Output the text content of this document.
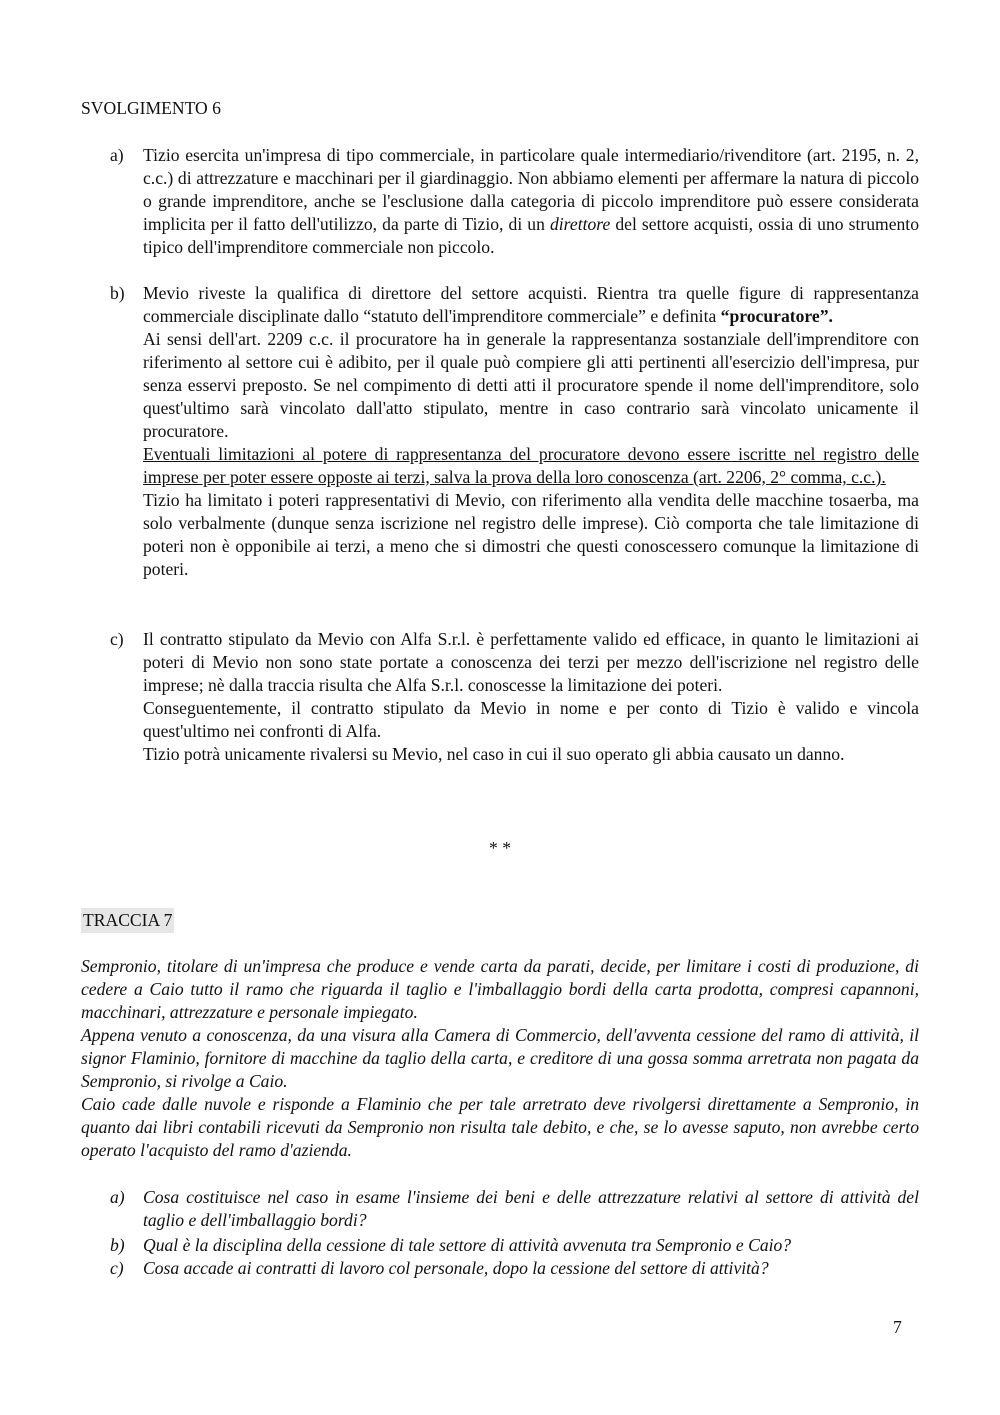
SVOLGIMENTO 6
a) Tizio esercita un'impresa di tipo commerciale, in particolare quale intermediario/rivenditore (art. 2195, n. 2, c.c.) di attrezzature e macchinari per il giardinaggio. Non abbiamo elementi per affermare la natura di piccolo o grande imprenditore, anche se l'esclusione dalla categoria di piccolo imprenditore può essere considerata implicita per il fatto dell'utilizzo, da parte di Tizio, di un direttore del settore acquisti, ossia di uno strumento tipico dell'imprenditore commerciale non piccolo.

b) Mevio riveste la qualifica di direttore del settore acquisti. Rientra tra quelle figure di rappresentanza commerciale disciplinate dallo “statuto dell'imprenditore commerciale” e definita “procuratore”.

Ai sensi dell'art. 2209 c.c. il procuratore ha in generale la rappresentanza sostanziale dell'imprenditore con riferimento al settore cui è adibito, per il quale può compiere gli atti pertinenti all'esercizio dell'impresa, pur senza esservi preposto. Se nel compimento di detti atti il procuratore spende il nome dell'imprenditore, solo quest'ultimo sarà vincolato dall'atto stipulato, mentre in caso contrario sarà vincolato unicamente il procuratore.

Eventuali limitazioni al potere di rappresentanza del procuratore devono essere iscritte nel registro delle imprese per poter essere opposte ai terzi, salva la prova della loro conoscenza (art. 2206, 2° comma, c.c.).

Tizio ha limitato i poteri rappresentativi di Mevio, con riferimento alla vendita delle macchine tosaerba, ma solo verbalmente (dunque senza iscrizione nel registro delle imprese). Ciò comporta che tale limitazione di poteri non è opponibile ai terzi, a meno che si dimostri che questi conoscessero comunque la limitazione di poteri.

c) Il contratto stipulato da Mevio con Alfa S.r.l. è perfettamente valido ed efficace, in quanto le limitazioni ai poteri di Mevio non sono state portate a conoscenza dei terzi per mezzo dell'iscrizione nel registro delle imprese; nè dalla traccia risulta che Alfa S.r.l. conoscesse la limitazione dei poteri.

Conseguentemente, il contratto stipulato da Mevio in nome e per conto di Tizio è valido e vincola quest'ultimo nei confronti di Alfa.

Tizio potrà unicamente rivalersi su Mevio, nel caso in cui il suo operato gli abbia causato un danno.

* *
TRACCIA 7

Sempronio, titolare di un'impresa che produce e vende carta da parati, decide, per limitare i costi di produzione, di cedere a Caio tutto il ramo che riguarda il taglio e l'imballaggio bordi della carta prodotta, compresi capannoni, macchinari, attrezzature e personale impiegato.

Appena venuto a conoscenza, da una visura alla Camera di Commercio, dell'avventa cessione del ramo di attività, il signor Flaminio, fornitore di macchine da taglio della carta, e creditore di una gossa somma arretrata non pagata da Sempronio, si rivolge a Caio.

Caio cade dalle nuvole e risponde a Flaminio che per tale arretrato deve rivolgersi direttamente a Sempronio, in quanto dai libri contabili ricevuti da Sempronio non risulta tale debito, e che, se lo avesse saputo, non avrebbe certo operato l'acquisto del ramo d'azienda.

a) Cosa costituisce nel caso in esame l'insieme dei beni e delle attrezzature relativi al settore di attività del taglio e dell'imballaggio bordi?

b) Qual è la disciplina della cessione di tale settore di attività avvenuta tra Sempronio e Caio?

c) Cosa accade ai contratti di lavoro col personale, dopo la cessione del settore di attività?

7
